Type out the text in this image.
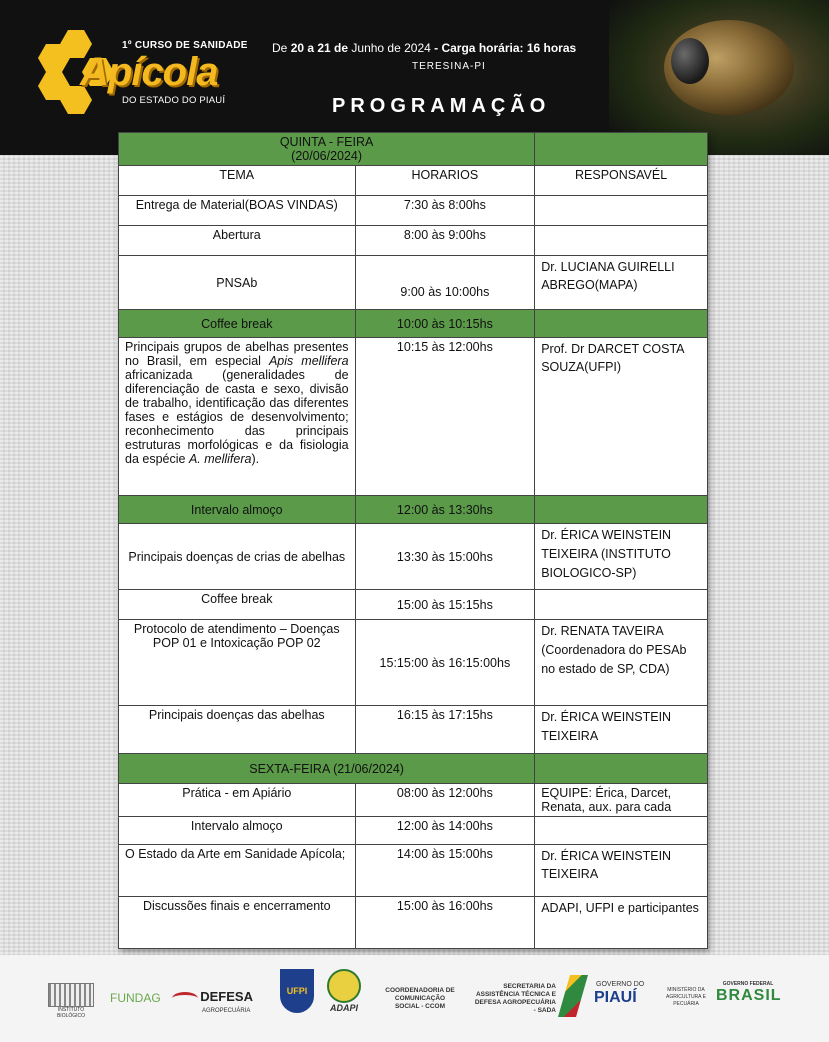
1º CURSO DE SANIDADE
Apícola
DO ESTADO DO PIAUÍ
De 20 a 21 de Junho de 2024 - Carga horária: 16 horas
TERESINA-PI
PROGRAMAÇÃO
QUINTA - FEIRA
(20/06/2024)		
TEMA	HORARIOS	RESPONSAVÉL
Entrega de Material(BOAS VINDAS)	7:30 às 8:00hs	
Abertura	8:00 às 9:00hs	
PNSAb	9:00 às 10:00hs	Dr. LUCIANA GUIRELLI ABREGO(MAPA)
Coffee break	10:00 às 10:15hs	
Principais grupos de abelhas presentes no Brasil, em especial Apis mellifera africanizada (generalidades de diferenciação de casta e sexo, divisão de trabalho, identificação das diferentes fases e estágios de desenvolvimento; reconhecimento das principais estruturas morfológicas e da fisiologia da espécie A. mellifera).	10:15 às 12:00hs	Prof. Dr DARCET COSTA SOUZA(UFPI)
Intervalo almoço	12:00 às 13:30hs	
Principais doenças de crias de abelhas	13:30 às 15:00hs	Dr. ÉRICA WEINSTEIN TEIXEIRA (INSTITUTO BIOLOGICO-SP)
Coffee break	15:00 às 15:15hs	
Protocolo de atendimento – Doenças POP 01 e Intoxicação POP 02	15:15:00 às 16:15:00hs	Dr. RENATA TAVEIRA (Coordenadora do PESAb no estado de SP, CDA)
Principais doenças das abelhas	16:15 às 17:15hs	Dr. ÉRICA WEINSTEIN TEIXEIRA
SEXTA-FEIRA (21/06/2024)		
Prática - em Apiário	08:00 às 12:00hs	EQUIPE: Érica, Darcet, Renata, aux. para cada
Intervalo almoço	12:00 às 14:00hs	
O Estado da Arte em Sanidade Apícola;	14:00 às 15:00hs	Dr. ÉRICA WEINSTEIN TEIXEIRA
Discussões finais e encerramento	15:00 às 16:00hs	ADAPI, UFPI e participantes
INSTITUTO BIOLÓGICO
FUNDAG	DEFESA
AGROPECUÁRIA
UFPI
ADAPI
COORDENADORIA DE COMUNICAÇÃO SOCIAL - CCOM
SECRETARIA DA ASSISTÊNCIA TÉCNICA E DEFESA AGROPECUÁRIA - SADA
GOVERNO DO
PIAUÍ	MINISTÉRIO DA AGRICULTURA E PECUÁRIA
GOVERNO FEDERAL
BRASIL
